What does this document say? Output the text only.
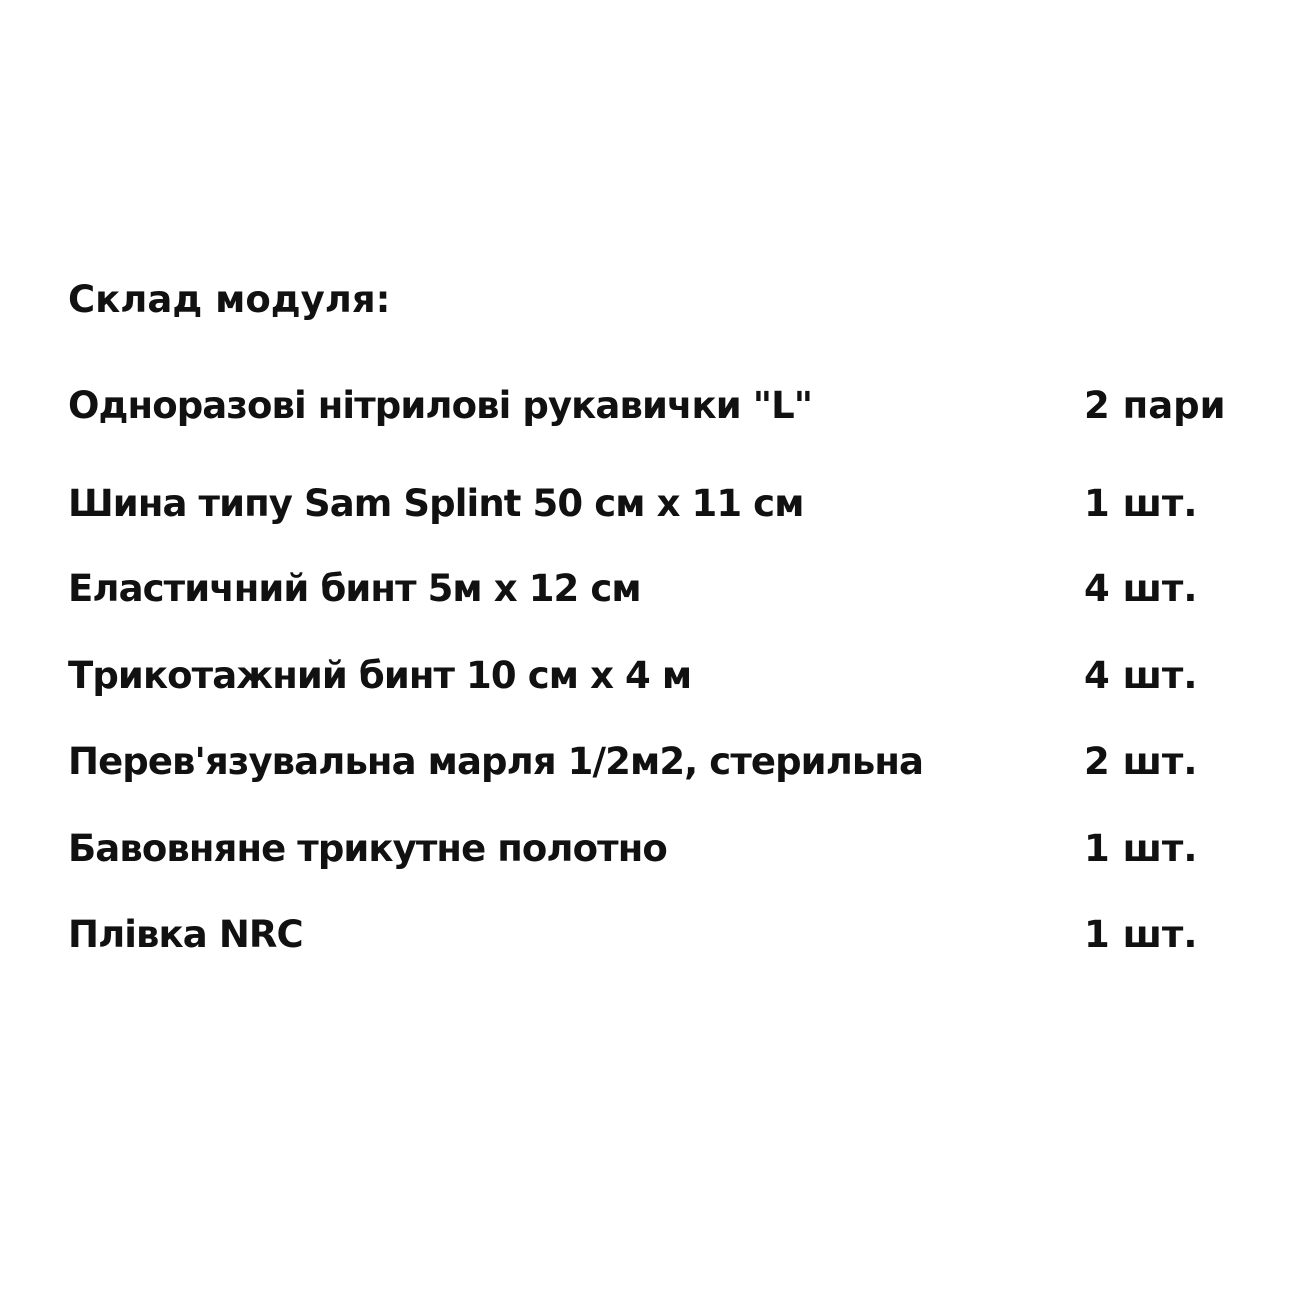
Склад модуля:
Одноразові нітрилові рукавички "L"	2 пари
Шина типу Sam Splint 50 см х 11 см	1 шт.
Еластичний бинт 5м х 12 см	4 шт.
Трикотажний бинт 10 см х 4 м	4 шт.
Перев'язувальна марля 1/2м2, стерильна	2 шт.
Бавовняне трикутне полотно	1 шт.
Плівка NRC	1 шт.
